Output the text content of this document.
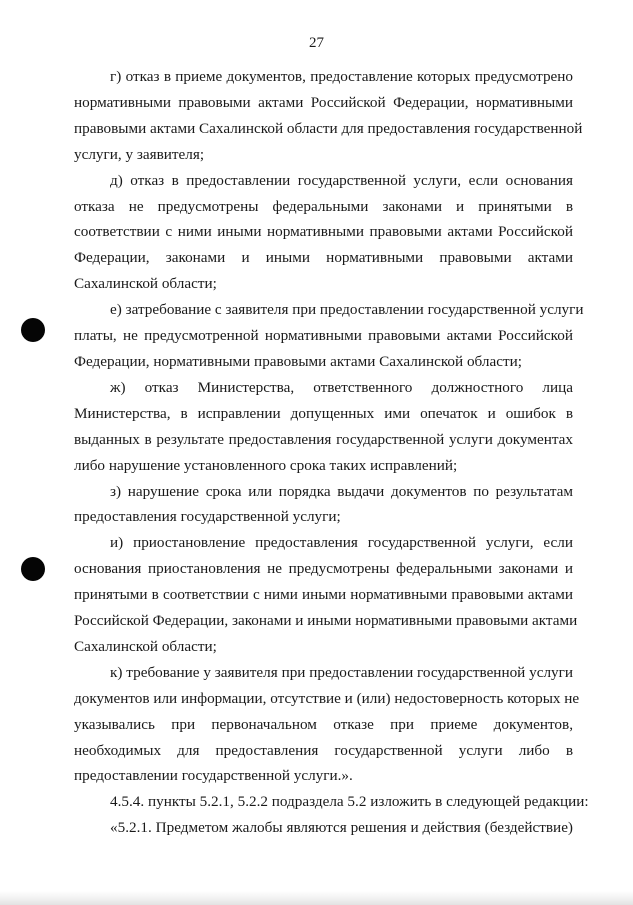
27

г) отказ в приеме документов, предоставление которых предусмотрено
нормативными правовыми актами Российской Федерации, нормативными
правовыми актами Сахалинской области для предоставления государственной
услуги, у заявителя;

д) отказ в предоставлении государственной услуги, если основания
отказа не предусмотрены федеральными законами и принятыми в
соответствии с ними иными нормативными правовыми актами Российской
Федерации, законами и иными нормативными правовыми актами
Сахалинской области;

е) затребование с заявителя при предоставлении государственной услуги
платы, не предусмотренной нормативными правовыми актами Российской
Федерации, нормативными правовыми актами Сахалинской области;

ж) отказ Министерства, ответственного должностного лица
Министерства, в исправлении допущенных ими опечаток и ошибок в
выданных в результате предоставления государственной услуги документах
либо нарушение установленного срока таких исправлений;

з) нарушение срока или порядка выдачи документов по результатам
предоставления государственной услуги;

и) приостановление предоставления государственной услуги, если
основания приостановления не предусмотрены федеральными законами и
принятыми в соответствии с ними иными нормативными правовыми актами
Российской Федерации, законами и иными нормативными правовыми актами
Сахалинской области;

к) требование у заявителя при предоставлении государственной услуги
документов или информации, отсутствие и (или) недостоверность которых не
указывались при первоначальном отказе при приеме документов,
необходимых для предоставления государственной услуги либо в
предоставлении государственной услуги.».

4.5.4. пункты 5.2.1, 5.2.2 подраздела 5.2 изложить в следующей редакции:

«5.2.1. Предметом жалобы являются решения и действия (бездействие)
